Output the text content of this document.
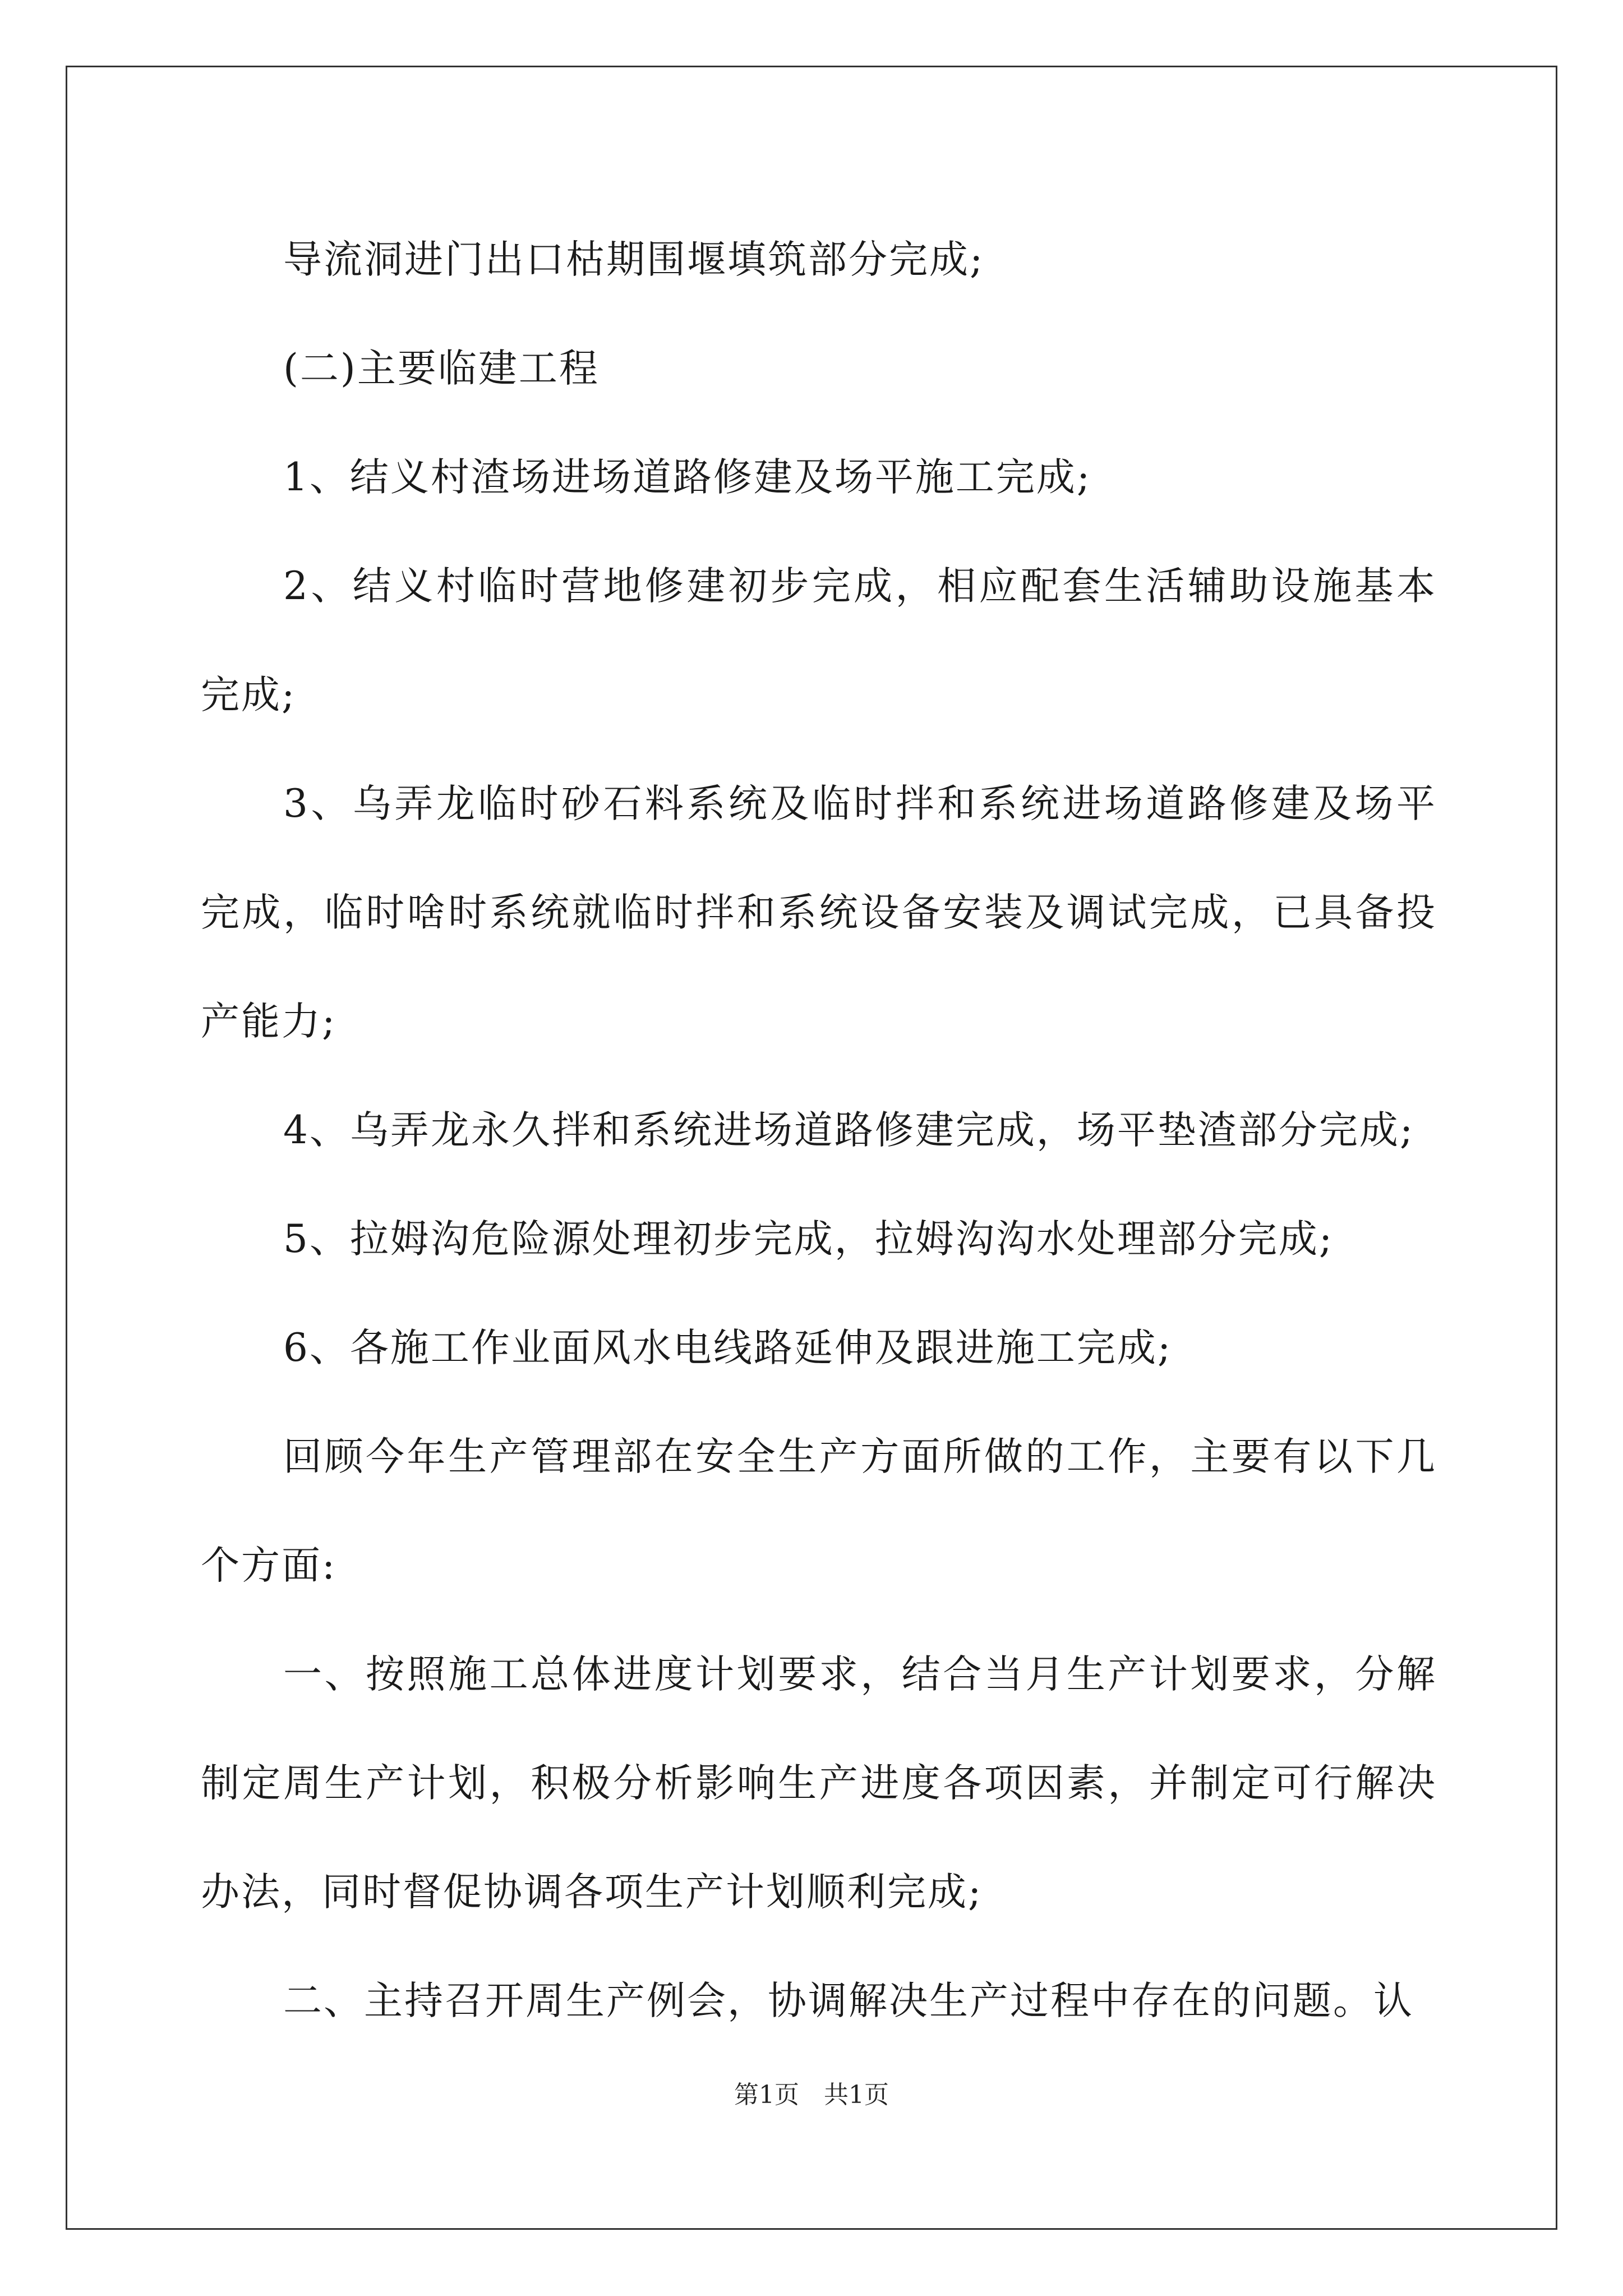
导流洞进门出口枯期围堰填筑部分完成;

(二)主要临建工程

1、结义村渣场进场道路修建及场平施工完成;

2、结义村临时营地修建初步完成，相应配套生活辅助设施基本完成;

3、乌弄龙临时砂石料系统及临时拌和系统进场道路修建及场平完成，临时啥时系统就临时拌和系统设备安装及调试完成，已具备投产能力;

4、乌弄龙永久拌和系统进场道路修建完成，场平垫渣部分完成;

5、拉姆沟危险源处理初步完成，拉姆沟沟水处理部分完成;

6、各施工作业面风水电线路延伸及跟进施工完成;

回顾今年生产管理部在安全生产方面所做的工作，主要有以下几个方面:

一、按照施工总体进度计划要求，结合当月生产计划要求，分解制定周生产计划，积极分析影响生产进度各项因素，并制定可行解决办法，同时督促协调各项生产计划顺利完成;

二、主持召开周生产例会，协调解决生产过程中存在的问题。认

第1页　共1页
